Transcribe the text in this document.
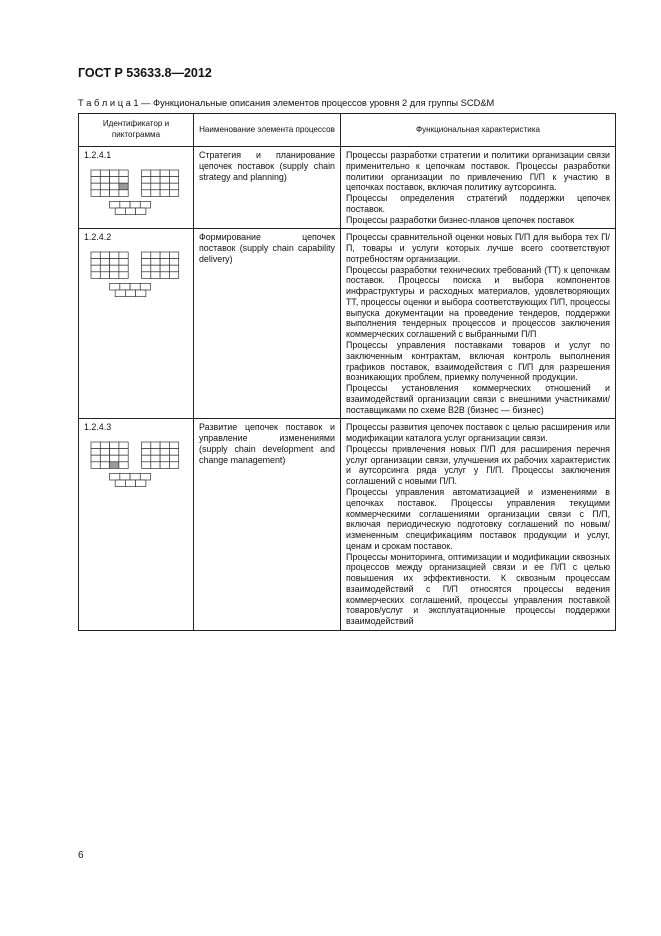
ГОСТ Р 53633.8—2012
Т а б л и ц а 1 — Функциональные описания элементов процессов уровня 2 для группы SCD&M
Идентификатор и пиктограмма	Наименование элемента процессов	Функциональная характеристика

1.2.4.1	Стратегия и планирование цепочек поставок (supply chain strategy and planning)	Процессы разработки стратегии и политики организации связи применительно к цепочкам поставок. Процессы разработки политики организации по привлечению П/П к участию в цепочках поставок, включая политику аутсорсинга.

Процессы определения стратегий поддержки цепочек поставок.

Процессы разработки бизнес-планов цепочек поставок

1.2.4.2	Формирование цепочек поставок (supply chain capability delivery)	Процессы сравнительной оценки новых П/П для выбора тех П/П, товары и услуги которых лучше всего соответствуют потребностям организации.

Процессы разработки технических требований (ТТ) к цепочкам поставок. Процессы поиска и выбора компонентов инфраструктуры и расходных материалов, удовлетворяющих ТТ, процессы оценки и выбора соответствующих П/П, процессы выпуска документации на проведение тендеров, поддержки выполнения тендерных процессов и процессов заключения коммерческих соглашений с выбранными П/П

Процессы управления поставками товаров и услуг по заключенным контрактам, включая контроль выполнения графиков поставок, взаимодействия с П/П для разрешения возникающих проблем, приемку полученной продукции.

Процессы установления коммерческих отношений и взаимодействий организации связи с внешними участниками/поставщиками по схеме B2B (бизнес — бизнес)

1.2.4.3	Развитие цепочек поставок и управление изменениями (supply chain development and change management)	Процессы развития цепочек поставок с целью расширения или модификации каталога услуг организации связи.

Процессы привлечения новых П/П для расширения перечня услуг организации связи, улучшения их рабочих характеристик и аутсорсинга ряда услуг у П/П. Процессы заключения соглашений с новыми П/П.

Процессы управления автоматизацией и изменениями в цепочках поставок. Процессы управления текущими коммерческими соглашениями организации связи с П/П, включая периодическую подготовку соглашений по новым/измененным спецификациям поставок продукции и услуг, ценам и срокам поставок.

Процессы мониторинга, оптимизации и модификации сквозных процессов между организацией связи и ее П/П с целью повышения их эффективности. К сквозным процессам взаимодействий с П/П относятся процессы ведения коммерческих соглашений, процессы управления поставкой товаров/услуг и эксплуатационные процессы поддержки взаимодействий

6
